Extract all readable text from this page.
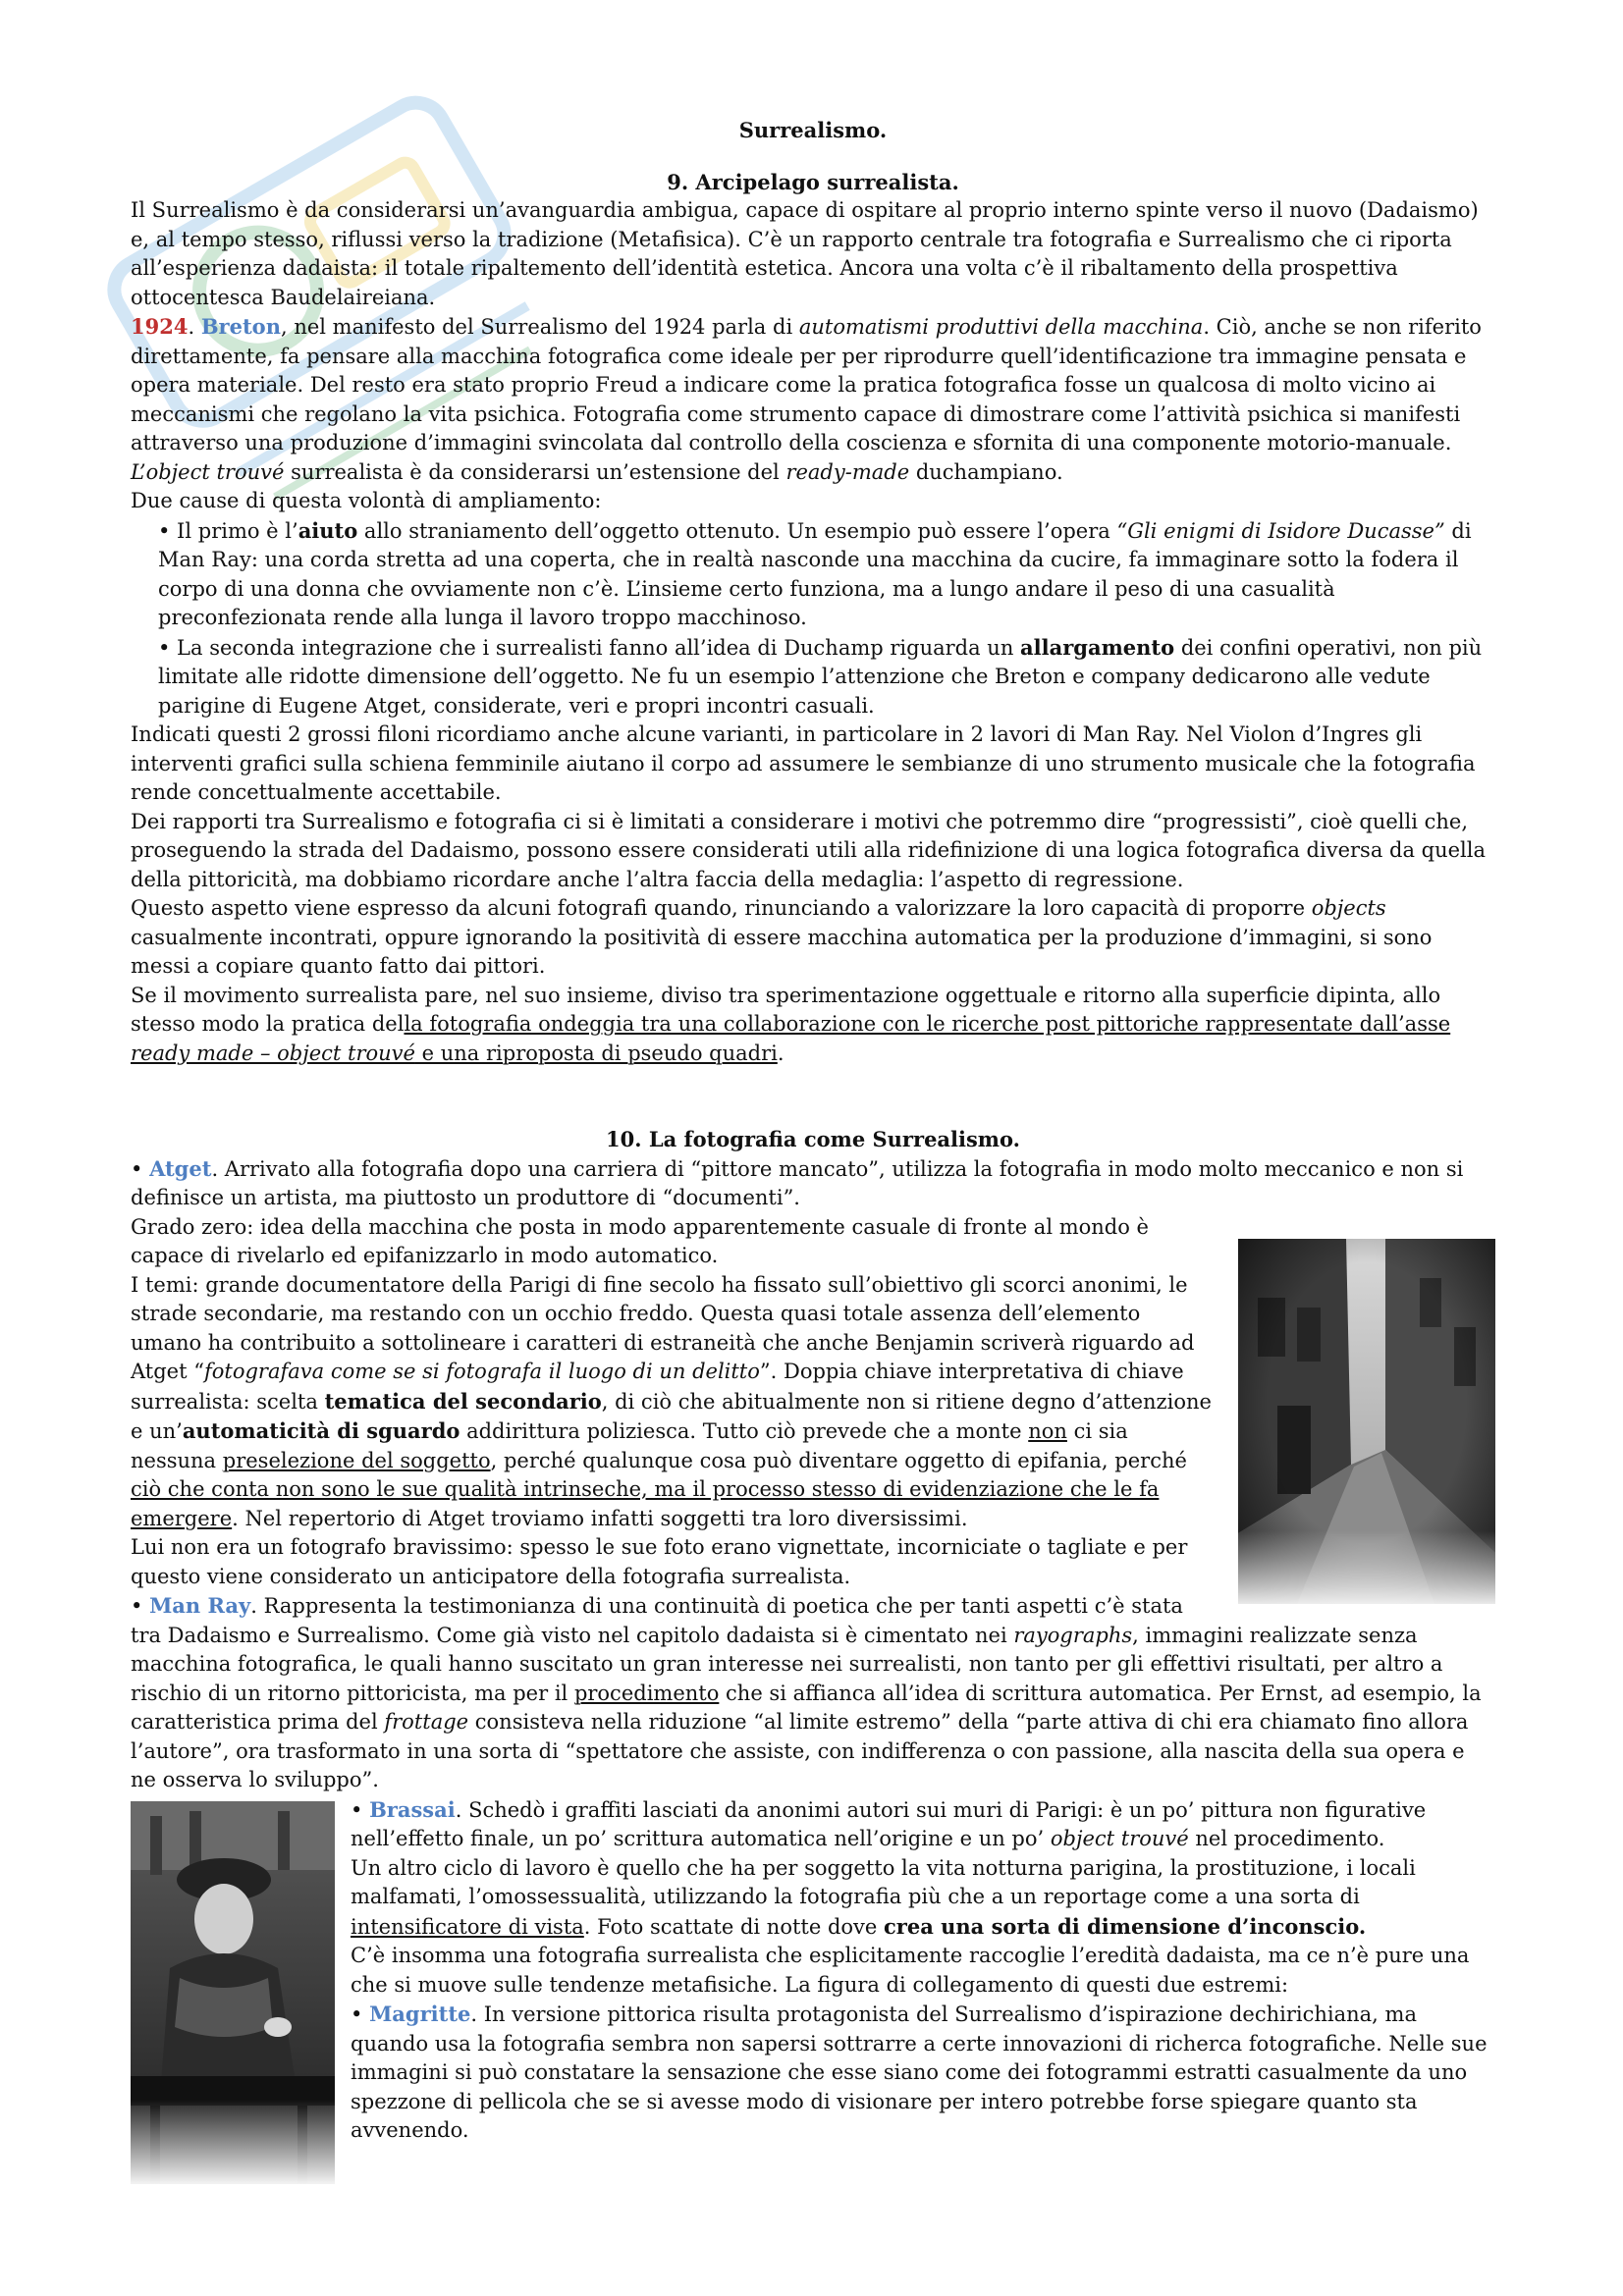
Surrealismo.

9. Arcipelago surrealista.

Il Surrealismo è da considerarsi un’avanguardia ambigua, capace di ospitare al proprio interno spinte verso il nuovo (Dadaismo) e, al tempo stesso, riflussi verso la tradizione (Metafisica). C’è un rapporto centrale tra fotografia e Surrealismo che ci riporta all’esperienza dadaista: il totale ripaltemento dell’identità estetica. Ancora una volta c’è il ribaltamento della prospettiva ottocentesca Baudelaireiana.

1924. Breton, nel manifesto del Surrealismo del 1924 parla di automatismi produttivi della macchina. Ciò, anche se non riferito direttamente, fa pensare alla macchina fotografica come ideale per per riprodurre quell’identificazione tra immagine pensata e opera materiale. Del resto era stato proprio Freud a indicare come la pratica fotografica fosse un qualcosa di molto vicino ai meccanismi che regolano la vita psichica. Fotografia come strumento capace di dimostrare come l’attività psichica si manifesti attraverso una produzione d’immagini svincolata dal controllo della coscienza e sfornita di una componente motorio-manuale.

L’object trouvé surrealista è da considerarsi un’estensione del ready-made duchampiano.

Due cause di questa volontà di ampliamento:

• Il primo è l’aiuto allo straniamento dell’oggetto ottenuto. Un esempio può essere l’opera “Gli enigmi di Isidore Ducasse” di Man Ray: una corda stretta ad una coperta, che in realtà nasconde una macchina da cucire, fa immaginare sotto la fodera il corpo di una donna che ovviamente non c’è. L’insieme certo funziona, ma a lungo andare il peso di una casualità preconfezionata rende alla lunga il lavoro troppo macchinoso.

• La seconda integrazione che i surrealisti fanno all’idea di Duchamp riguarda un allargamento dei confini operativi, non più limitate alle ridotte dimensione dell’oggetto. Ne fu un esempio l’attenzione che Breton e company dedicarono alle vedute parigine di Eugene Atget, considerate, veri e propri incontri casuali.

Indicati questi 2 grossi filoni ricordiamo anche alcune varianti, in particolare in 2 lavori di Man Ray. Nel Violon d’Ingres gli interventi grafici sulla schiena femminile aiutano il corpo ad assumere le sembianze di uno strumento musicale che la fotografia rende concettualmente accettabile.

Dei rapporti tra Surrealismo e fotografia ci si è limitati a considerare i motivi che potremmo dire “progressisti”, cioè quelli che, proseguendo la strada del Dadaismo, possono essere considerati utili alla ridefinizione di una logica fotografica diversa da quella della pittoricità, ma dobbiamo ricordare anche l’altra faccia della medaglia: l’aspetto di regressione.

Questo aspetto viene espresso da alcuni fotografi quando, rinunciando a valorizzare la loro capacità di proporre objects casualmente incontrati, oppure ignorando la positività di essere macchina automatica per la produzione d’immagini, si sono messi a copiare quanto fatto dai pittori.

Se il movimento surrealista pare, nel suo insieme, diviso tra sperimentazione oggettuale e ritorno alla superficie dipinta, allo stesso modo la pratica della fotografia ondeggia tra una collaborazione con le ricerche post pittoriche rappresentate dall’asse ready made – object trouvé e una riproposta di pseudo quadri.

10. La fotografia come Surrealismo.

• Atget. Arrivato alla fotografia dopo una carriera di “pittore mancato”, utilizza la fotografia in modo molto meccanico e non si definisce un artista, ma piuttosto un produttore di “documenti”.

Grado zero: idea della macchina che posta in modo apparentemente casuale di fronte al mondo è capace di rivelarlo ed epifanizzarlo in modo automatico.

I temi: grande documentatore della Parigi di fine secolo ha fissato sull’obiettivo gli scorci anonimi, le strade secondarie, ma restando con un occhio freddo. Questa quasi totale assenza dell’elemento umano ha contribuito a sottolineare i caratteri di estraneità che anche Benjamin scriverà riguardo ad Atget “fotografava come se si fotografa il luogo di un delitto”. Doppia chiave interpretativa di chiave surrealista: scelta tematica del secondario, di ciò che abitualmente non si ritiene degno d’attenzione e un’automaticità di sguardo addirittura poliziesca. Tutto ciò prevede che a monte non ci sia nessuna preselezione del soggetto, perché qualunque cosa può diventare oggetto di epifania, perché ciò che conta non sono le sue qualità intrinseche, ma il processo stesso di evidenziazione che le fa emergere. Nel repertorio di Atget troviamo infatti soggetti tra loro diversissimi.

Lui non era un fotografo bravissimo: spesso le sue foto erano vignettate, incorniciate o tagliate e per questo viene considerato un anticipatore della fotografia surrealista.

• Man Ray. Rappresenta la testimonianza di una continuità di poetica che per tanti aspetti c’è stata tra Dadaismo e Surrealismo. Come già visto nel capitolo dadaista si è cimentato nei rayographs, immagini realizzate senza macchina fotografica, le quali hanno suscitato un gran interesse nei surrealisti, non tanto per gli effettivi risultati, per altro a rischio di un ritorno pittoricista, ma per il procedimento che si affianca all’idea di scrittura automatica. Per Ernst, ad esempio, la caratteristica prima del frottage consisteva nella riduzione “al limite estremo” della “parte attiva di chi era chiamato fino allora l’autore”, ora trasformato in una sorta di “spettatore che assiste, con indifferenza o con passione, alla nascita della sua opera e ne osserva lo sviluppo”.

• Brassai. Schedò i graffiti lasciati da anonimi autori sui muri di Parigi: è un po’ pittura non figurative nell’effetto finale, un po’ scrittura automatica nell’origine e un po’ object trouvé nel procedimento.

Un altro ciclo di lavoro è quello che ha per soggetto la vita notturna parigina, la prostituzione, i locali malfamati, l’omossessualità, utilizzando la fotografia più che a un reportage come a una sorta di intensificatore di vista. Foto scattate di notte dove crea una sorta di dimensione d’inconscio.

C’è insomma una fotografia surrealista che esplicitamente raccoglie l’eredità dadaista, ma ce n’è pure una che si muove sulle tendenze metafisiche. La figura di collegamento di questi due estremi:

• Magritte. In versione pittorica risulta protagonista del Surrealismo d’ispirazione dechirichiana, ma quando usa la fotografia sembra non sapersi sottrarre a certe innovazioni di richerca fotografiche. Nelle sue immagini si può constatare la sensazione che esse siano come dei fotogrammi estratti casualmente da uno spezzone di pellicola che se si avesse modo di visionare per intero potrebbe forse spiegare quanto sta avvenendo.
